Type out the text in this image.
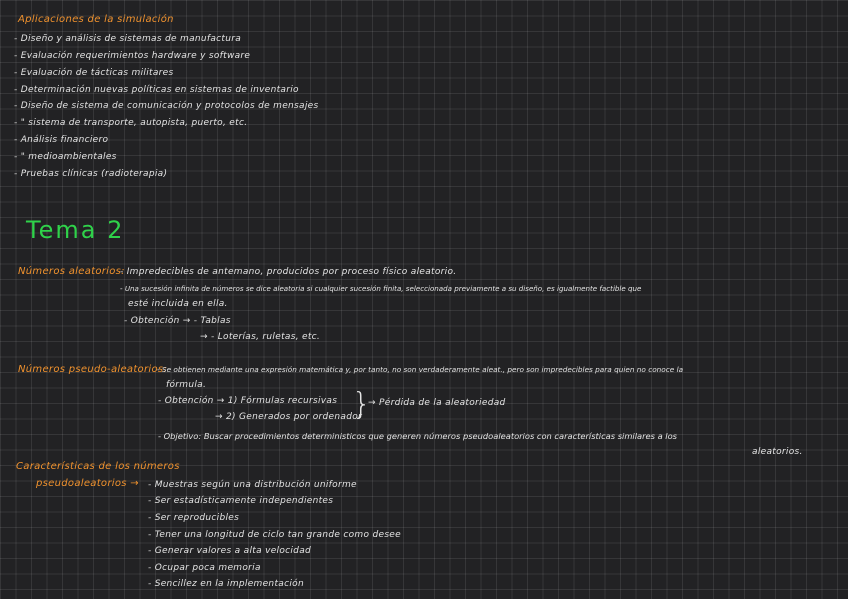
Aplicaciones de la simulación
- Diseño y análisis de sistemas de manufactura
- Evaluación requerimientos hardware y software
- Evaluación de tácticas militares
- Determinación nuevas políticas en sistemas de inventario
- Diseño de sistema de comunicación y protocolos de mensajes
- " sistema de transporte, autopista, puerto, etc.
- Análisis financiero
- " medioambientales
- Pruebas clínicas (radioterapia)
Tema 2
Números aleatorios:
- Impredecibles de antemano, producidos por proceso físico aleatorio.
- Una sucesión infinita de números se dice aleatoria si cualquier sucesión finita, seleccionada previamente a su diseño, es igualmente factible que
esté incluida en ella.
- Obtención → - Tablas
→ - Loterías, ruletas, etc.
Números pseudo-aleatorios:
- Se obtienen mediante una expresión matemática y, por tanto, no son verdaderamente aleat., pero son impredecibles para quien no conoce la
fórmula.
- Obtención → 1) Fórmulas recursivas
→ 2) Generados por ordenador
}
→ Pérdida de la aleatoriedad
- Objetivo: Buscar procedimientos deterministicos que generen números pseudoaleatorios con características similares a los
aleatorios.
Características de los números
pseudoaleatorios → - Muestras según una distribución uniforme
- Ser estadísticamente independientes
- Ser reproducibles
- Tener una longitud de ciclo tan grande como desee
- Generar valores a alta velocidad
- Ocupar poca memoria
- Sencillez en la implementación
